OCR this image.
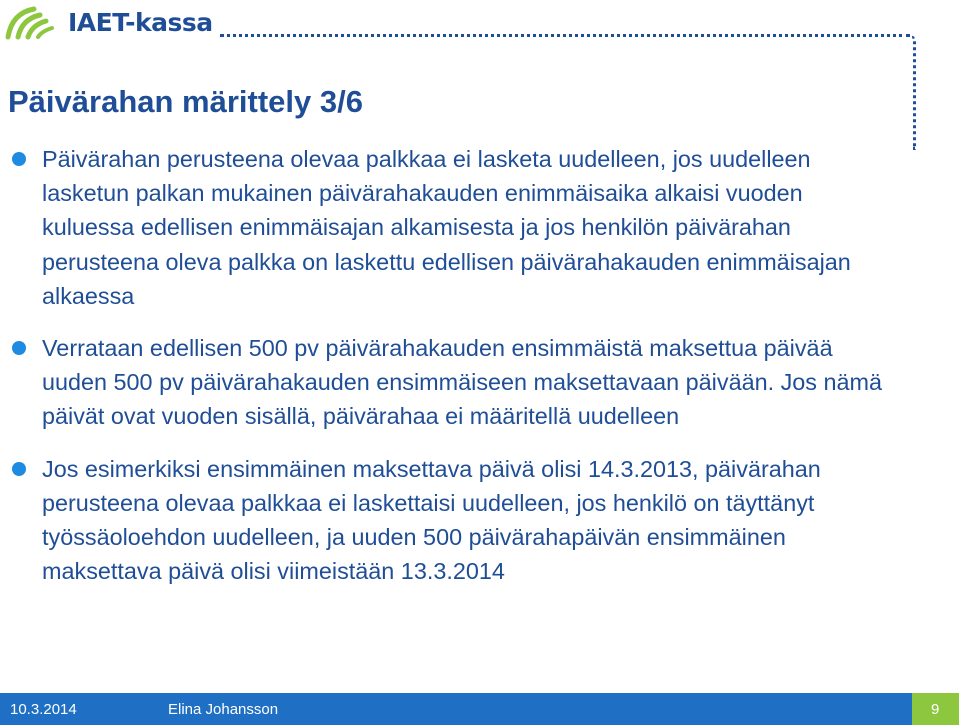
IAET-kassa
Päivärahan märittely 3/6
Päivärahan perusteena olevaa palkkaa ei lasketa uudelleen, jos uudelleen lasketun palkan mukainen päivärahakauden enimmäisaika alkaisi vuoden kuluessa edellisen enimmäisajan alkamisesta ja jos henkilön päivärahan perusteena oleva palkka on laskettu edellisen päivärahakauden enimmäisajan alkaessa
Verrataan edellisen 500 pv päivärahakauden ensimmäistä maksettua päivää uuden 500 pv päivärahakauden ensimmäiseen maksettavaan päivään. Jos nämä päivät ovat vuoden sisällä, päivärahaa ei määritellä uudelleen
Jos esimerkiksi ensimmäinen maksettava päivä olisi 14.3.2013, päivärahan perusteena olevaa palkkaa ei laskettaisi uudelleen, jos henkilö on täyttänyt työssäoloehdon uudelleen, ja uuden 500 päivärahapäivän ensimmäinen maksettava päivä olisi viimeistään 13.3.2014
10.3.2014	Elina Johansson	9
